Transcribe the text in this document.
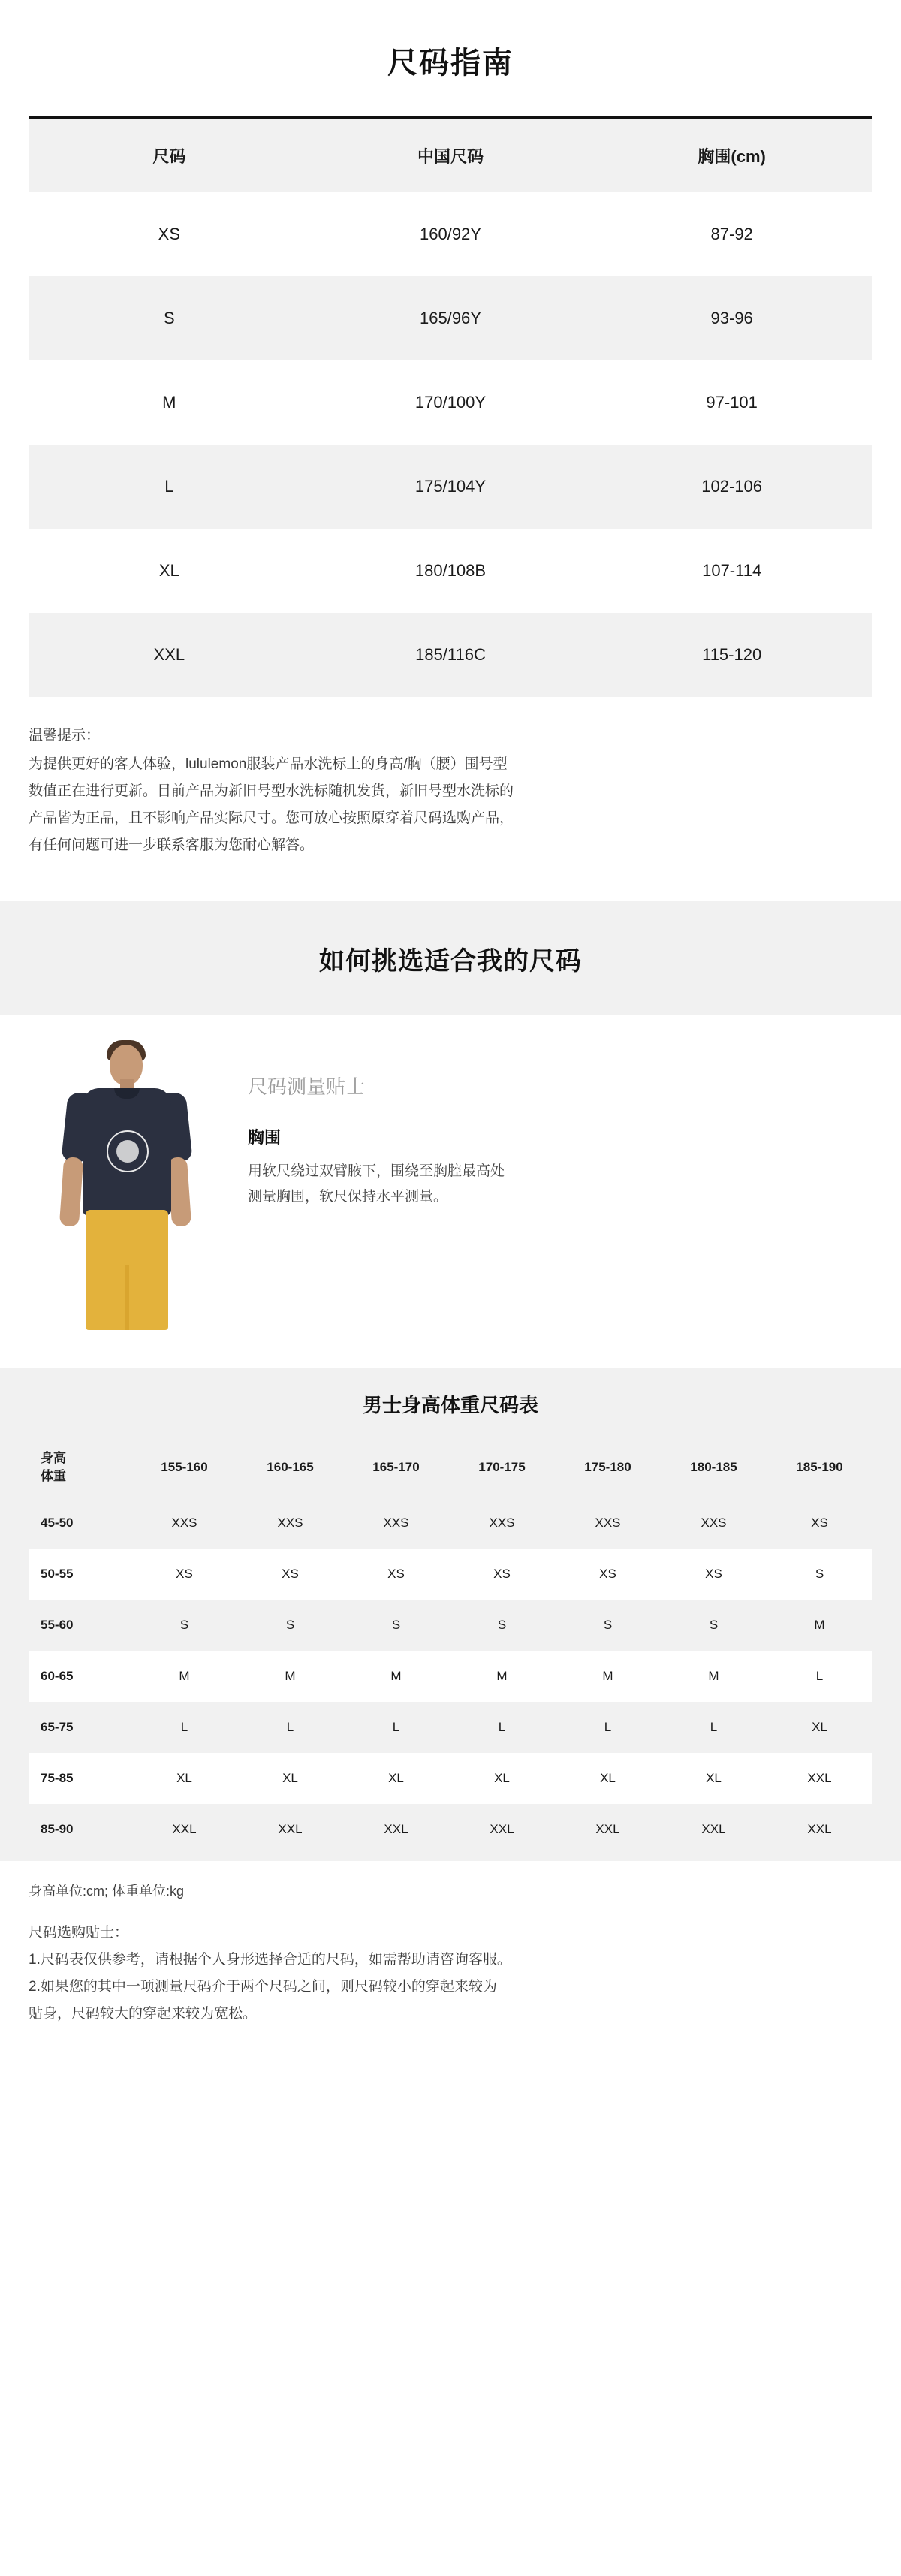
尺码指南
尺码	中国尺码	胸围(cm)
XS	160/92Y	87-92
S	165/96Y	93-96
M	170/100Y	97-101
L	175/104Y	102-106
XL	180/108B	107-114
XXL	185/116C	115-120
温馨提示：
为提供更好的客人体验，lululemon服装产品水洗标上的身高/胸（腰）围号型
数值正在进行更新。目前产品为新旧号型水洗标随机发货，新旧号型水洗标的
产品皆为正品，且不影响产品实际尺寸。您可放心按照原穿着尺码选购产品，
有任何问题可进一步联系客服为您耐心解答。
如何挑选适合我的尺码
尺码测量贴士
胸围
用软尺绕过双臂腋下，围绕至胸腔最高处
测量胸围，软尺保持水平测量。
男士身高体重尺码表
身高
体重	155-160	160-165	165-170	170-175	175-180	180-185	185-190
45-50	XXS	XXS	XXS	XXS	XXS	XXS	XS
50-55	XS	XS	XS	XS	XS	XS	S
55-60	S	S	S	S	S	S	M
60-65	M	M	M	M	M	M	L
65-75	L	L	L	L	L	L	XL
75-85	XL	XL	XL	XL	XL	XL	XXL
85-90	XXL	XXL	XXL	XXL	XXL	XXL	XXL
身高单位:cm; 体重单位:kg
尺码选购贴士：
1.尺码表仅供参考，请根据个人身形选择合适的尺码，如需帮助请咨询客服。
2.如果您的其中一项测量尺码介于两个尺码之间，则尺码较小的穿起来较为
贴身，尺码较大的穿起来较为宽松。
